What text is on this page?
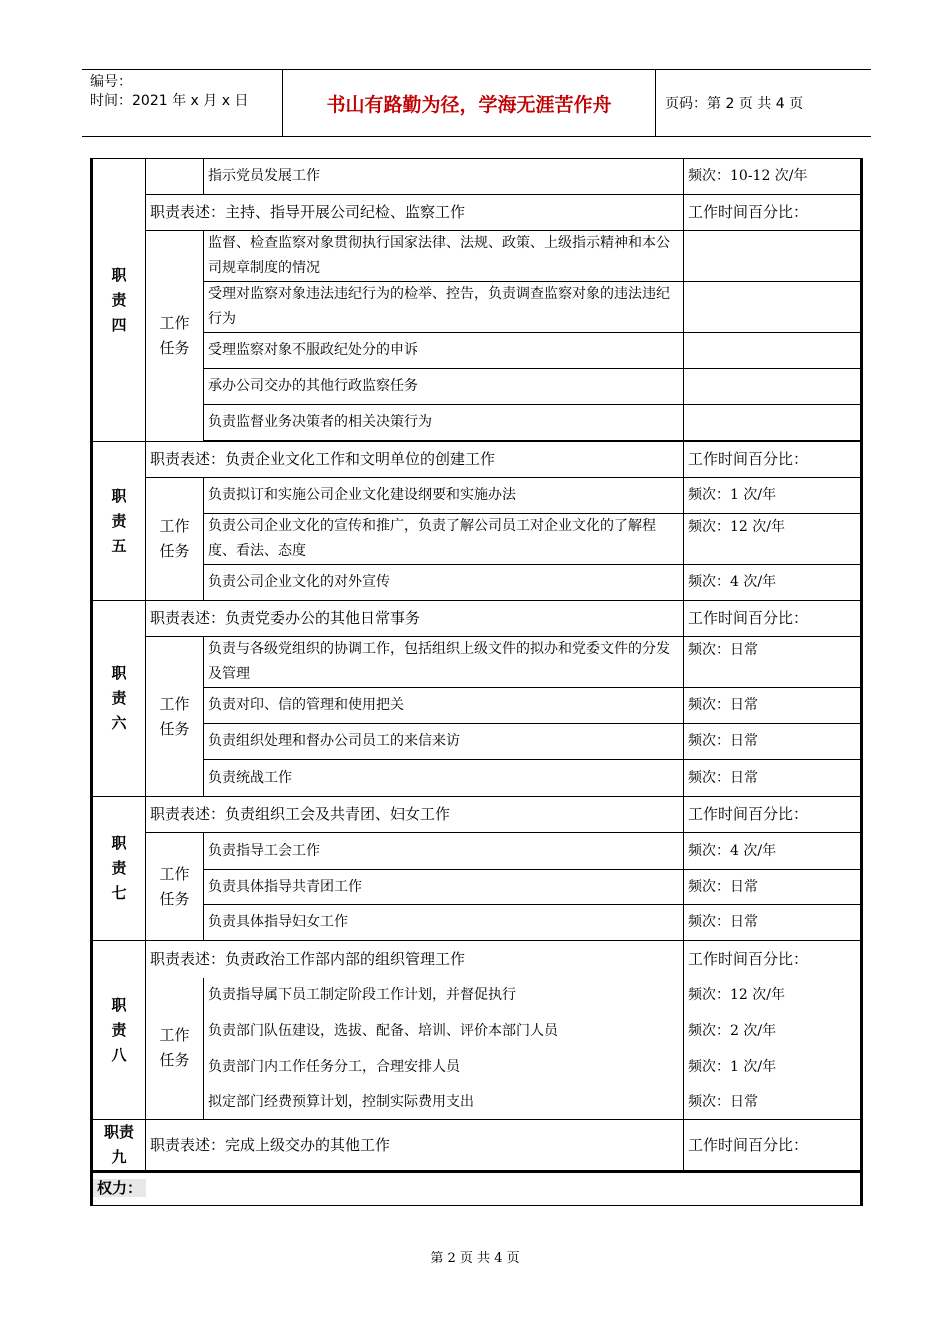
编号：
时间：2021 年 x 月 x 日	书山有路勤为径，学海无涯苦作舟	页码：第 2 页 共 4 页
职责四		指示党员发展工作	频次：10-12 次/年
	职责表述：主持、指导开展公司纪检、监察工作		工作时间百分比：
	工作任务	监督、检查监察对象贯彻执行国家法律、法规、政策、上级指示精神和本公司规章制度的情况	
		受理对监察对象违法违纪行为的检举、控告，负责调查监察对象的违法违纪行为	
		受理监察对象不服政纪处分的申诉	
		承办公司交办的其他行政监察任务	
		负责监督业务决策者的相关决策行为	

职责五	职责表述：负责企业文化工作和文明单位的创建工作		工作时间百分比：
	工作任务	负责拟订和实施公司企业文化建设纲要和实施办法	频次：1 次/年
		负责公司企业文化的宣传和推广，负责了解公司员工对企业文化的了解程度、看法、态度	频次：12 次/年
		负责公司企业文化的对外宣传	频次：4 次/年
职责六	职责表述：负责党委办公的其他日常事务		工作时间百分比：
	工作任务	负责与各级党组织的协调工作，包括组织上级文件的拟办和党委文件的分发及管理	频次：日常
		负责对印、信的管理和使用把关	频次：日常
		负责组织处理和督办公司员工的来信来访	频次：日常
		负责统战工作	频次：日常
职责七	职责表述：负责组织工会及共青团、妇女工作		工作时间百分比：
	工作任务	负责指导工会工作	频次：4 次/年
		负责具体指导共青团工作	频次：日常
		负责具体指导妇女工作	频次：日常
职责八	职责表述：负责政治工作部内部的组织管理工作		工作时间百分比：
	工作任务	负责指导属下员工制定阶段工作计划，并督促执行	频次：12 次/年
		负责部门队伍建设，选拔、配备、培训、评价本部门人员	频次：2 次/年
		负责部门内工作任务分工，合理安排人员	频次：1 次/年
		拟定部门经费预算计划，控制实际费用支出	频次：日常
职责九	职责表述：完成上级交办的其他工作		工作时间百分比：
权力：			
第 2 页 共 4 页
